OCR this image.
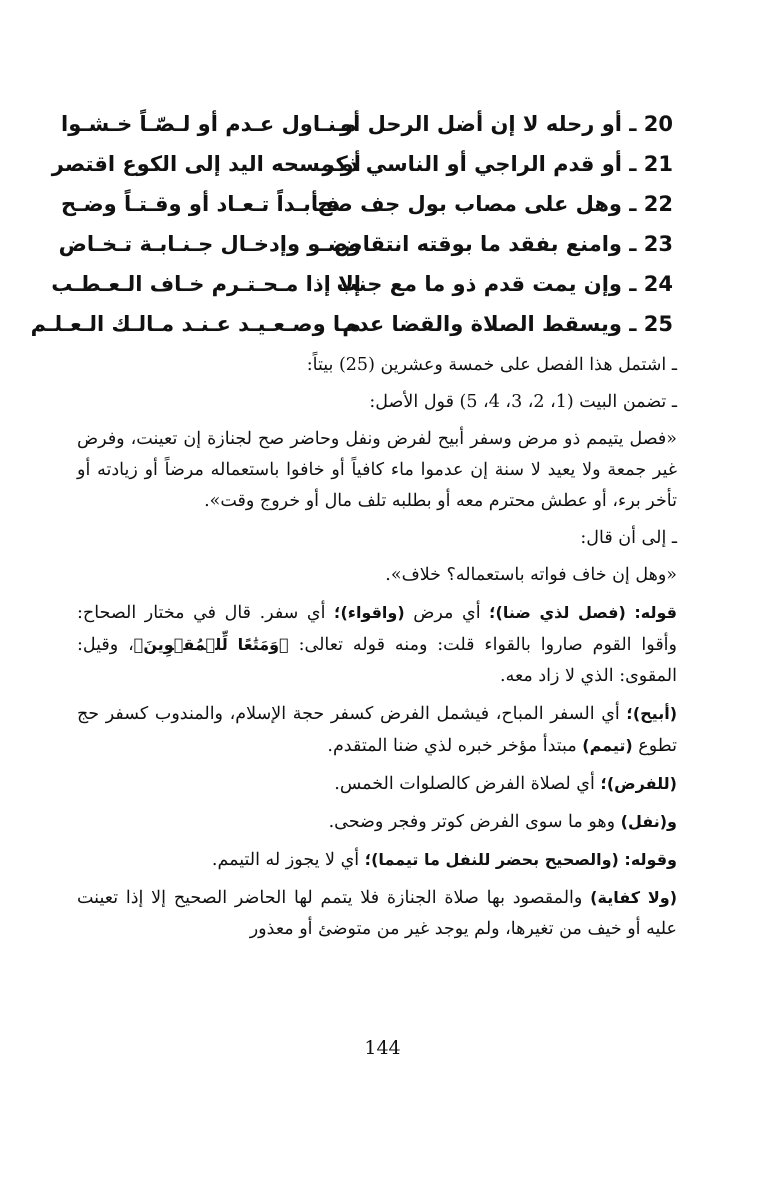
20 ـ أو رحله لا إن أضل الرحل أو
مـنـاول عـدم أو لـصّـاً خـشـوا
21 ـ أو قدم الراجي أو الناسي ذكر
أو مسحه اليد إلى الكوع اقتصر
22 ـ وهل على مصاب بول جف صح
فـأبـداً تـعـاد أو وقـتـاً وضـح
23 ـ وامنع بفقد ما بوقته انتقاض
وضـو وإدخـال جـنـابـة تـخـاض
24 ـ وإن يمت قدم ذو ما مع جنب
إلا إذا مـحـتـرم خـاف الـعـطـب
25 ـ ويسقط الصلاة والقضا عدم
مـا وصـعـيـد عـنـد مـالـك الـعـلـم
ـ اشتمل هذا الفصل على خمسة وعشرين (25) بيتاً:
ـ تضمن البيت (1، 2، 3، 4، 5) قول الأصل:

«فصل يتيمم ذو مرض وسفر أبيح لفرض ونفل وحاضر صح لجنازة إن تعينت، وفرض غير جمعة ولا يعيد لا سنة إن عدموا ماء كافياً أو خافوا باستعماله مرضاً أو زيادته أو تأخر برء، أو عطش محترم معه أو بطلبه تلف مال أو خروج وقت».

ـ إلى أن قال:

«وهل إن خاف فواته باستعماله؟ خلاف».

قوله: (فصل لذي ضنا)؛ أي مرض (واقواء)؛ أي سفر. قال في مختار الصحاح: وأقوا القوم صاروا بالقواء قلت: ومنه قوله تعالى: ﴿وَمَتَٰعًا لِّلۡمُقۡوِينَ﴾، وقيل: المقوى: الذي لا زاد معه.

(أبيح)؛ أي السفر المباح، فيشمل الفرض كسفر حجة الإسلام، والمندوب كسفر حج تطوع (تيمم) مبتدأ مؤخر خبره لذي ضنا المتقدم.

(للفرض)؛ أي لصلاة الفرض كالصلوات الخمس.

و(نفل) وهو ما سوى الفرض كوتر وفجر وضحى.

وقوله: (والصحيح بحضر للنفل ما تيمما)؛ أي لا يجوز له التيمم.

(ولا كفاية) والمقصود بها صلاة الجنازة فلا يتمم لها الحاضر الصحيح إلا إذا تعينت عليه أو خيف من تغيرها، ولم يوجد غير من متوضئ أو معذور

144
